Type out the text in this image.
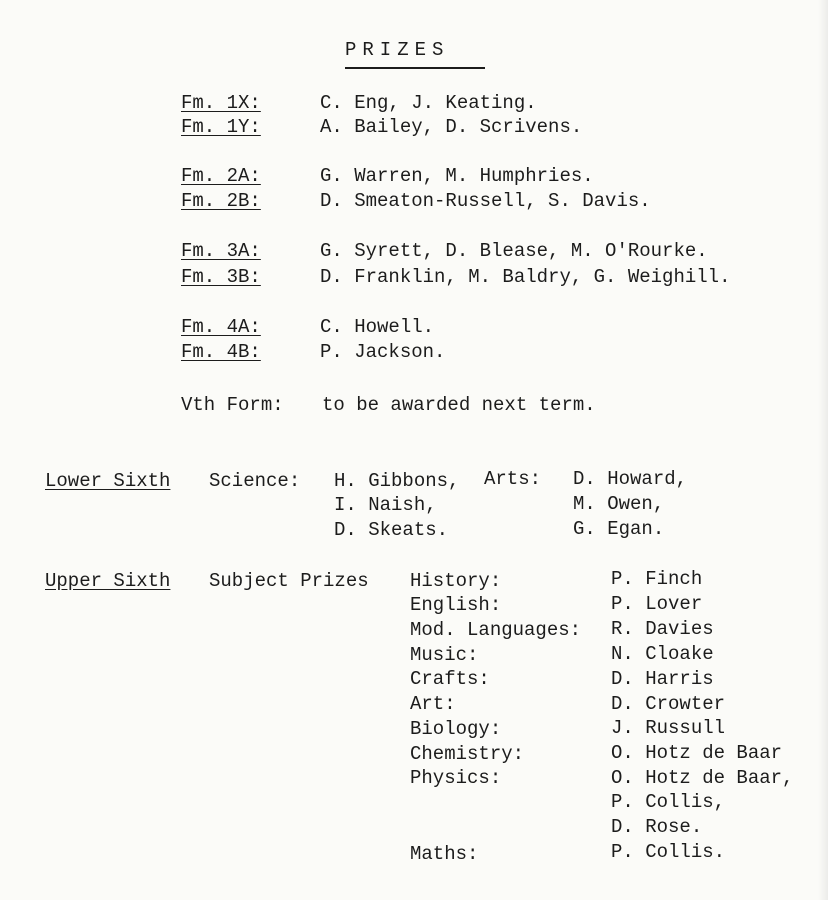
PRIZES
Fm. 1X:	C. Eng, J. Keating.
Fm. 1Y:	A. Bailey, D. Scrivens.
Fm. 2A:	G. Warren, M. Humphries.
Fm. 2B:	D. Smeaton-Russell, S. Davis.
Fm. 3A:	G. Syrett, D. Blease, M. O'Rourke.
Fm. 3B:	D. Franklin, M. Baldry, G. Weighill.
Fm. 4A:	C. Howell.
Fm. 4B:	P. Jackson.
Vth Form: to be awarded next term.
Lower Sixth Science: H. Gibbons,
I. Naish,
D. Skeats.
Arts: D. Howard,
M. Owen,
G. Egan.
Upper Sixth Subject Prizes History:	P. Finch
English:	P. Lover
Mod. Languages: R. Davies
Music:	N. Cloake
Crafts:	D. Harris
Art:	D. Crowter
Biology:	J. Russull
Chemistry:	O. Hotz de Baar
Physics:	O. Hotz de Baar,
P. Collis,
D. Rose.
Maths:	P. Collis.
